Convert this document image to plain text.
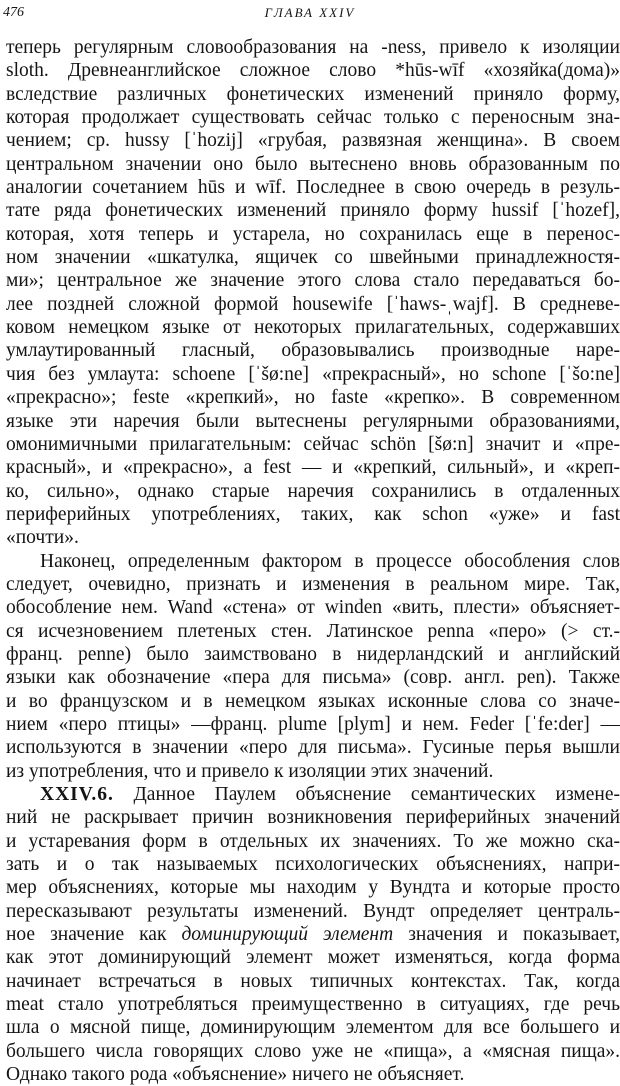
476	ГЛАВА XXIV
теперь регулярным словообразования на -ness, привело к изоляции
sloth. Древнеанглийское сложное слово *hūs-wīf «хозяйка(дома)»
вследствие различных фонетических изменений приняло форму,
которая продолжает существовать сейчас только с переносным зна-
чением; ср. hussy [ˈhozij] «грубая, развязная женщина». В своем
центральном значении оно было вытеснено вновь образованным по
аналогии сочетанием hūs и wīf. Последнее в свою очередь в резуль-
тате ряда фонетических изменений приняло форму hussif [ˈhozef],
которая, хотя теперь и устарела, но сохранилась еще в перенос-
ном значении «шкатулка, ящичек со швейными принадлежностя-
ми»; центральное же значение этого слова стало передаваться бо-
лее поздней сложной формой housewife [ˈhaws-ˌwajf]. В средневе-
ковом немецком языке от некоторых прилагательных, содержавших
умлаутированный гласный, образовывались производные наре-
чия без умлаута: schoene [ˈšø:ne] «прекрасный», но schone [ˈšo:ne]
«прекрасно»; feste «крепкий», но faste «крепко». В современном
языке эти наречия были вытеснены регулярными образованиями,
омонимичными прилагательным: сейчас schön [šø:n] значит и «пре-
красный», и «прекрасно», а fest — и «крепкий, сильный», и «креп-
ко, сильно», однако старые наречия сохранились в отдаленных
периферийных употреблениях, таких, как schon «уже» и fast
«почти».
Наконец, определенным фактором в процессе обособления слов
следует, очевидно, признать и изменения в реальном мире. Так,
обособление нем. Wand «стена» от winden «вить, плести» объясняет-
ся исчезновением плетеных стен. Латинское penna «перо» (> ст.-
франц. penne) было заимствовано в нидерландский и английский
языки как обозначение «пера для письма» (совр. англ. pen). Также
и во французском и в немецком языках исконные слова со значе-
нием «перо птицы» —франц. plume [plym] и нем. Feder [ˈfe:der] —
используются в значении «перо для письма». Гусиные перья вышли
из употребления, что и привело к изоляции этих значений.
XXIV.6. Данное Паулем объяснение семантических измене-
ний не раскрывает причин возникновения периферийных значений
и устаревания форм в отдельных их значениях. То же можно ска-
зать и о так называемых психологических объяснениях, напри-
мер объяснениях, которые мы находим у Вундта и которые просто
пересказывают результаты изменений. Вундт определяет централь-
ное значение как доминирующий элемент значения и показывает,
как этот доминирующий элемент может изменяться, когда форма
начинает встречаться в новых типичных контекстах. Так, когда
meat стало употребляться преимущественно в ситуациях, где речь
шла о мясной пище, доминирующим элементом для все большего и
большего числа говорящих слово уже не «пища», а «мясная пища».
Однако такого рода «объяснение» ничего не объясняет.
